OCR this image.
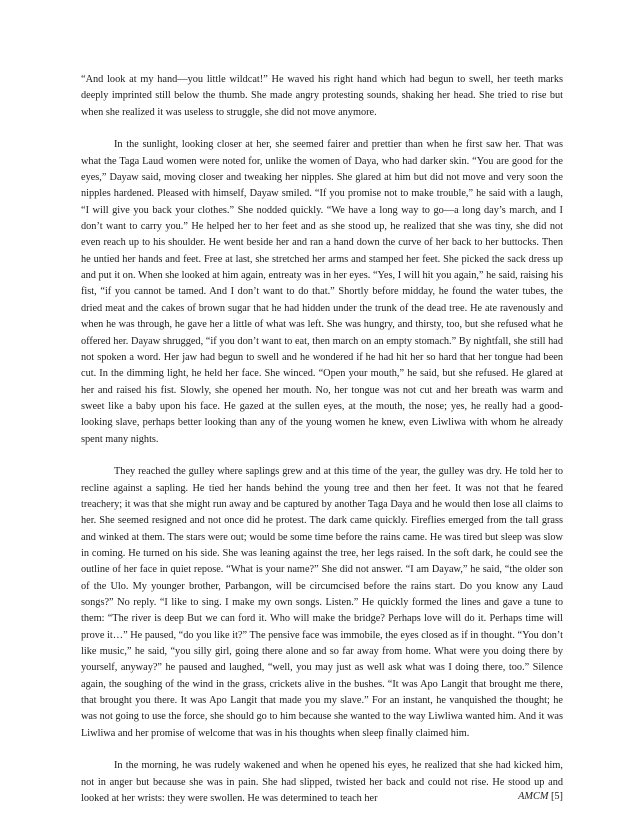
“And look at my hand—you little wildcat!” He waved his right hand which had begun to swell, her teeth marks deeply imprinted still below the thumb. She made angry protesting sounds, shaking her head. She tried to rise but when she realized it was useless to struggle, she did not move anymore.

In the sunlight, looking closer at her, she seemed fairer and prettier than when he first saw her. That was what the Taga Laud women were noted for, unlike the women of Daya, who had darker skin. “You are good for the eyes,” Dayaw said, moving closer and tweaking her nipples. She glared at him but did not move and very soon the nipples hardened. Pleased with himself, Dayaw smiled. “If you promise not to make trouble,” he said with a laugh, “I will give you back your clothes.” She nodded quickly. “We have a long way to go—a long day’s march, and I don’t want to carry you.” He helped her to her feet and as she stood up, he realized that she was tiny, she did not even reach up to his shoulder. He went beside her and ran a hand down the curve of her back to her buttocks. Then he untied her hands and feet. Free at last, she stretched her arms and stamped her feet. She picked the sack dress up and put it on. When she looked at him again, entreaty was in her eyes. “Yes, I will hit you again,” he said, raising his fist, “if you cannot be tamed. And I don’t want to do that.” Shortly before midday, he found the water tubes, the dried meat and the cakes of brown sugar that he had hidden under the trunk of the dead tree. He ate ravenously and when he was through, he gave her a little of what was left. She was hungry, and thirsty, too, but she refused what he offered her. Dayaw shrugged, “if you don’t want to eat, then march on an empty stomach.” By nightfall, she still had not spoken a word. Her jaw had begun to swell and he wondered if he had hit her so hard that her tongue had been cut. In the dimming light, he held her face. She winced. “Open your mouth,” he said, but she refused. He glared at her and raised his fist. Slowly, she opened her mouth. No, her tongue was not cut and her breath was warm and sweet like a baby upon his face. He gazed at the sullen eyes, at the mouth, the nose; yes, he really had a good-looking slave, perhaps better looking than any of the young women he knew, even Liwliwa with whom he already spent many nights.

They reached the gulley where saplings grew and at this time of the year, the gulley was dry. He told her to recline against a sapling. He tied her hands behind the young tree and then her feet. It was not that he feared treachery; it was that she might run away and be captured by another Taga Daya and he would then lose all claims to her. She seemed resigned and not once did he protest. The dark came quickly. Fireflies emerged from the tall grass and winked at them. The stars were out; would be some time before the rains came. He was tired but sleep was slow in coming. He turned on his side. She was leaning against the tree, her legs raised. In the soft dark, he could see the outline of her face in quiet repose. “What is your name?” She did not answer. “I am Dayaw,” he said, “the older son of the Ulo. My younger brother, Parbangon, will be circumcised before the rains start. Do you know any Laud songs?” No reply. “I like to sing. I make my own songs. Listen.” He quickly formed the lines and gave a tune to them: “The river is deep But we can ford it. Who will make the bridge? Perhaps love will do it. Perhaps time will prove it…” He paused, “do you like it?” The pensive face was immobile, the eyes closed as if in thought. “You don’t like music,” he said, “you silly girl, going there alone and so far away from home. What were you doing there by yourself, anyway?” he paused and laughed, “well, you may just as well ask what was I doing there, too.” Silence again, the soughing of the wind in the grass, crickets alive in the bushes. “It was Apo Langit that brought me there, that brought you there. It was Apo Langit that made you my slave.” For an instant, he vanquished the thought; he was not going to use the force, she should go to him because she wanted to the way Liwliwa wanted him. And it was Liwliwa and her promise of welcome that was in his thoughts when sleep finally claimed him.

In the morning, he was rudely wakened and when he opened his eyes, he realized that she had kicked him, not in anger but because she was in pain. She had slipped, twisted her back and could not rise. He stood up and looked at her wrists: they were swollen. He was determined to teach her	AMCM [5]
